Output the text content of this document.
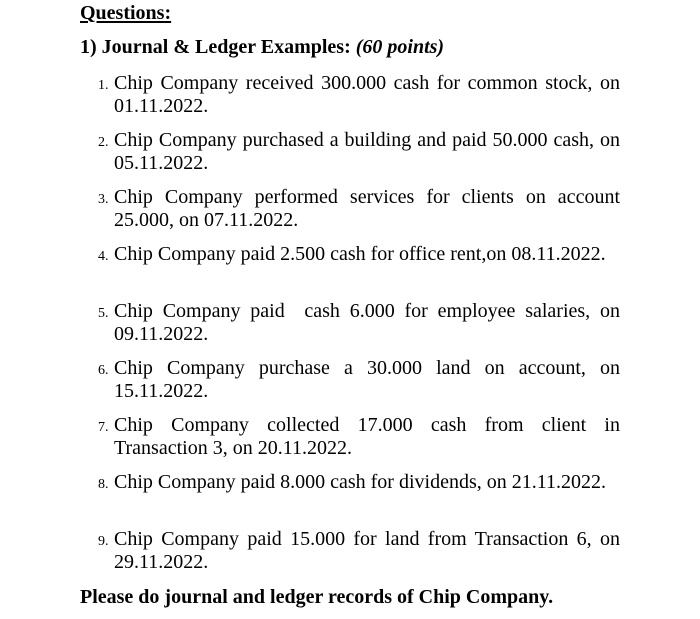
Questions:
1) Journal & Ledger Examples: (60 points)
1. Chip Company received 300.000 cash for common stock, on 01.11.2022.
2. Chip Company purchased a building and paid 50.000 cash, on 05.11.2022.
3. Chip Company performed services for clients on account 25.000, on 07.11.2022.
4. Chip Company paid 2.500 cash for office rent,on 08.11.2022.
5. Chip Company paid  cash 6.000 for employee salaries, on 09.11.2022.
6. Chip Company purchase a 30.000 land on account, on 15.11.2022.
7. Chip Company collected 17.000 cash from client in Transaction 3, on 20.11.2022.
8. Chip Company paid 8.000 cash for dividends, on 21.11.2022.
9. Chip Company paid 15.000 for land from Transaction 6, on 29.11.2022.
Please do journal and ledger records of Chip Company.
